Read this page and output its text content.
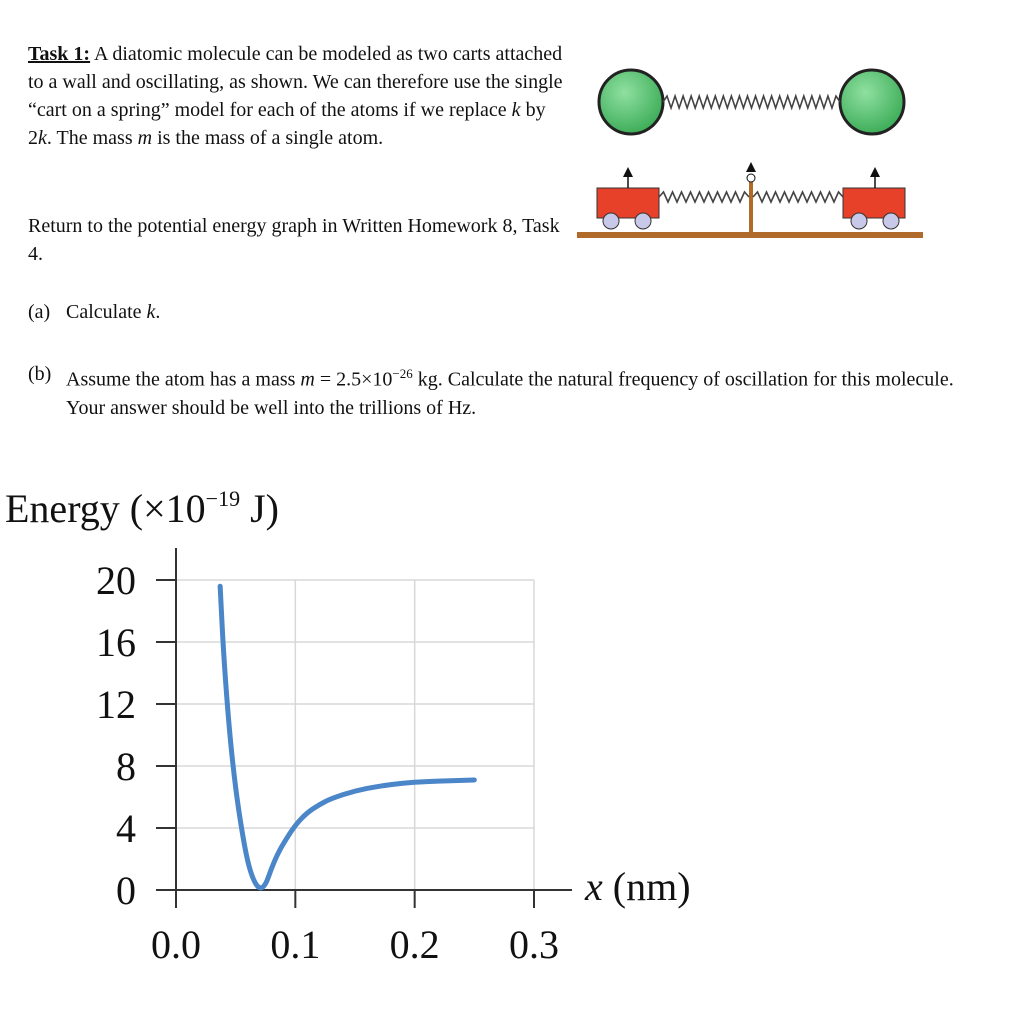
Task 1: A diatomic molecule can be modeled as two carts attached to a wall and oscillating, as shown. We can therefore use the single “cart on a spring” model for each of the atoms if we replace k by 2k. The mass m is the mass of a single atom.
Return to the potential energy graph in Written Homework 8, Task 4.
(a) Calculate k.
(b) Assume the atom has a mass $m = 2.5\times 10^{-26}$ kg. Calculate the natural frequency of oscillation for this molecule. Your answer should be well into the trillions of Hz.
Energy ($\times 10^{-19}$ J)
0
4
8
12
16
20
0.0 0.1 0.2 0.3
x (nm)
